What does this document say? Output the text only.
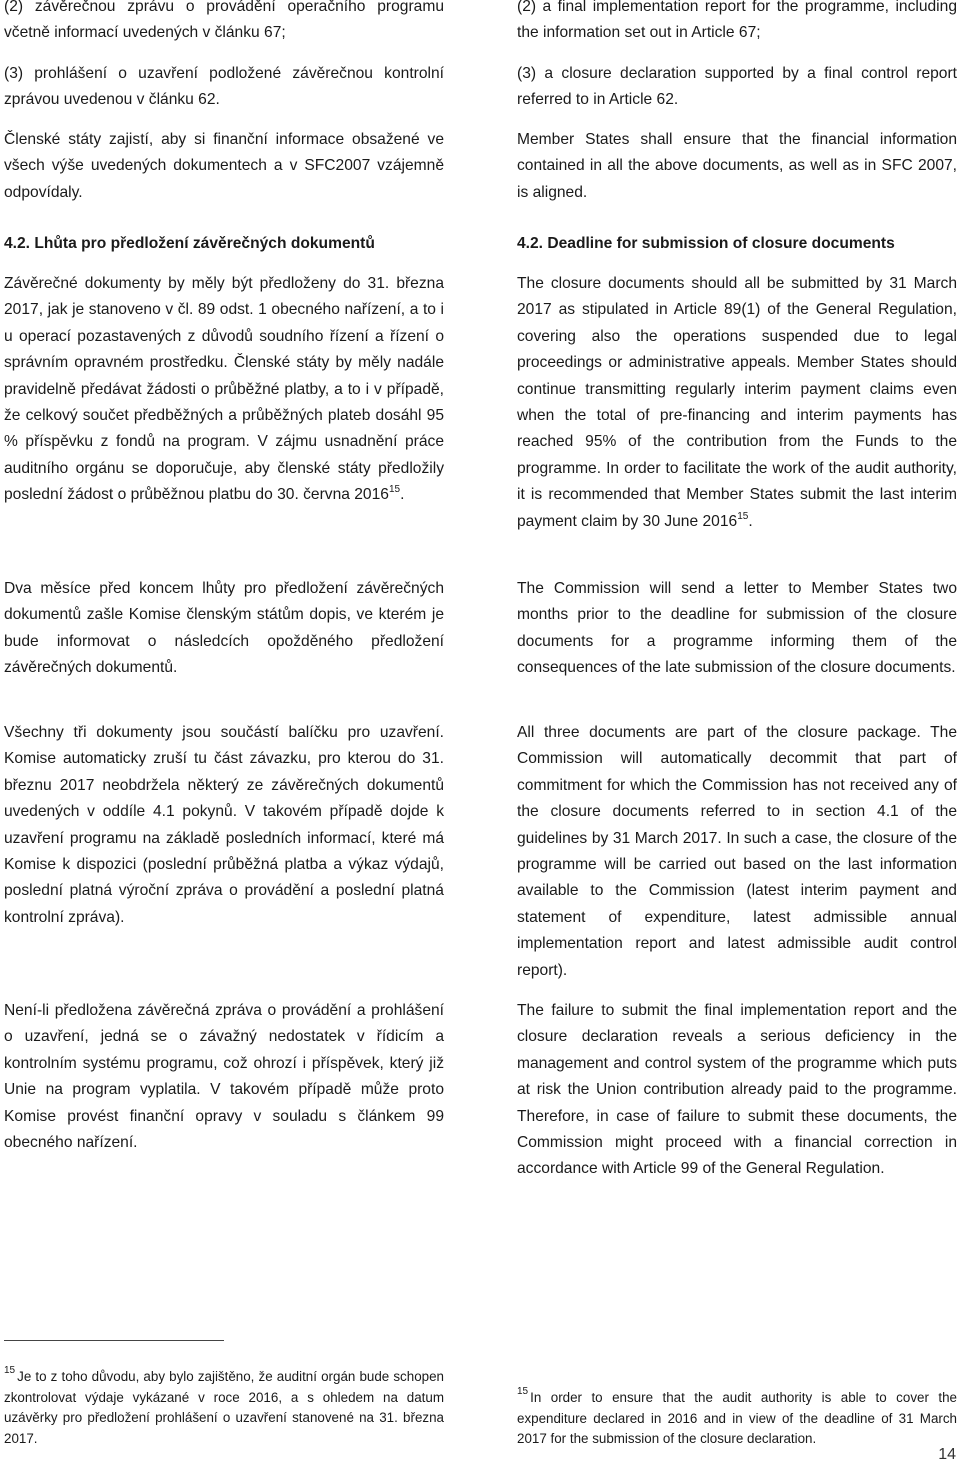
(2) závěrečnou zprávu o provádění operačního programu včetně informací uvedených v článku 67;

(3) prohlášení o uzavření podložené závěrečnou kontrolní zprávou uvedenou v článku 62.

Členské státy zajistí, aby si finanční informace obsažené ve všech výše uvedených dokumentech a v SFC2007 vzájemně odpovídaly.

4.2. Lhůta pro předložení závěrečných dokumentů

Závěrečné dokumenty by měly být předloženy do 31. března 2017, jak je stanoveno v čl. 89 odst. 1 obecného nařízení, a to i u operací pozastavených z důvodů soudního řízení a řízení o správním opravném prostředku. Členské státy by měly nadále pravidelně předávat žádosti o průběžné platby, a to i v případě, že celkový součet předběžných a průběžných plateb dosáhl 95 % příspěvku z fondů na program. V zájmu usnadnění práce auditního orgánu se doporučuje, aby členské státy předložily poslední žádost o průběžnou platbu do 30. června 2016$^{15}$.

Dva měsíce před koncem lhůty pro předložení závěrečných dokumentů zašle Komise členským státům dopis, ve kterém je bude informovat o následcích opožděného předložení závěrečných dokumentů.

Všechny tři dokumenty jsou součástí balíčku pro uzavření. Komise automaticky zruší tu část závazku, pro kterou do 31. březnu 2017 neobdržela některý ze závěrečných dokumentů uvedených v oddíle 4.1 pokynů. V takovém případě dojde k uzavření programu na základě posledních informací, které má Komise k dispozici (poslední průběžná platba a výkaz výdajů, poslední platná výroční zpráva o provádění a poslední platná kontrolní zpráva).

Není-li předložena závěrečná zpráva o provádění a prohlášení o uzavření, jedná se o závažný nedostatek v řídicím a kontrolním systému programu, což ohrozí i příspěvek, který již Unie na program vyplatila. V takovém případě může proto Komise provést finanční opravy v souladu s článkem 99 obecného nařízení.

(2) a final implementation report for the programme, including the information set out in Article 67;

(3) a closure declaration supported by a final control report referred to in Article 62.

Member States shall ensure that the financial information contained in all the above documents, as well as in SFC 2007, is aligned.

4.2. Deadline for submission of closure documents

The closure documents should all be submitted by 31 March 2017 as stipulated in Article 89(1) of the General Regulation, covering also the operations suspended due to legal proceedings or administrative appeals. Member States should continue transmitting regularly interim payment claims even when the total of pre-financing and interim payments has reached 95% of the contribution from the Funds to the programme. In order to facilitate the work of the audit authority, it is recommended that Member States submit the last interim payment claim by 30 June 2016$^{15}$.

The Commission will send a letter to Member States two months prior to the deadline for submission of the closure documents for a programme informing them of the consequences of the late submission of the closure documents.

All three documents are part of the closure package. The Commission will automatically decommit that part of commitment for which the Commission has not received any of the closure documents referred to in section 4.1 of the guidelines by 31 March 2017. In such a case, the closure of the programme will be carried out based on the last information available to the Commission (latest interim payment and statement of expenditure, latest admissible annual implementation report and latest admissible audit control report).

The failure to submit the final implementation report and the closure declaration reveals a serious deficiency in the management and control system of the programme which puts at risk the Union contribution already paid to the programme. Therefore, in case of failure to submit these documents, the Commission might proceed with a financial correction in accordance with Article 99 of the General Regulation.

$^{15}$ Je to z toho důvodu, aby bylo zajištěno, že auditní orgán bude schopen zkontrolovat výdaje vykázané v roce 2016, a s ohledem na datum uzávěrky pro předložení prohlášení o uzavření stanovené na 31. března 2017.

$^{15}$ In order to ensure that the audit authority is able to cover the expenditure declared in 2016 and in view of the deadline of 31 March 2017 for the submission of the closure declaration.

14
